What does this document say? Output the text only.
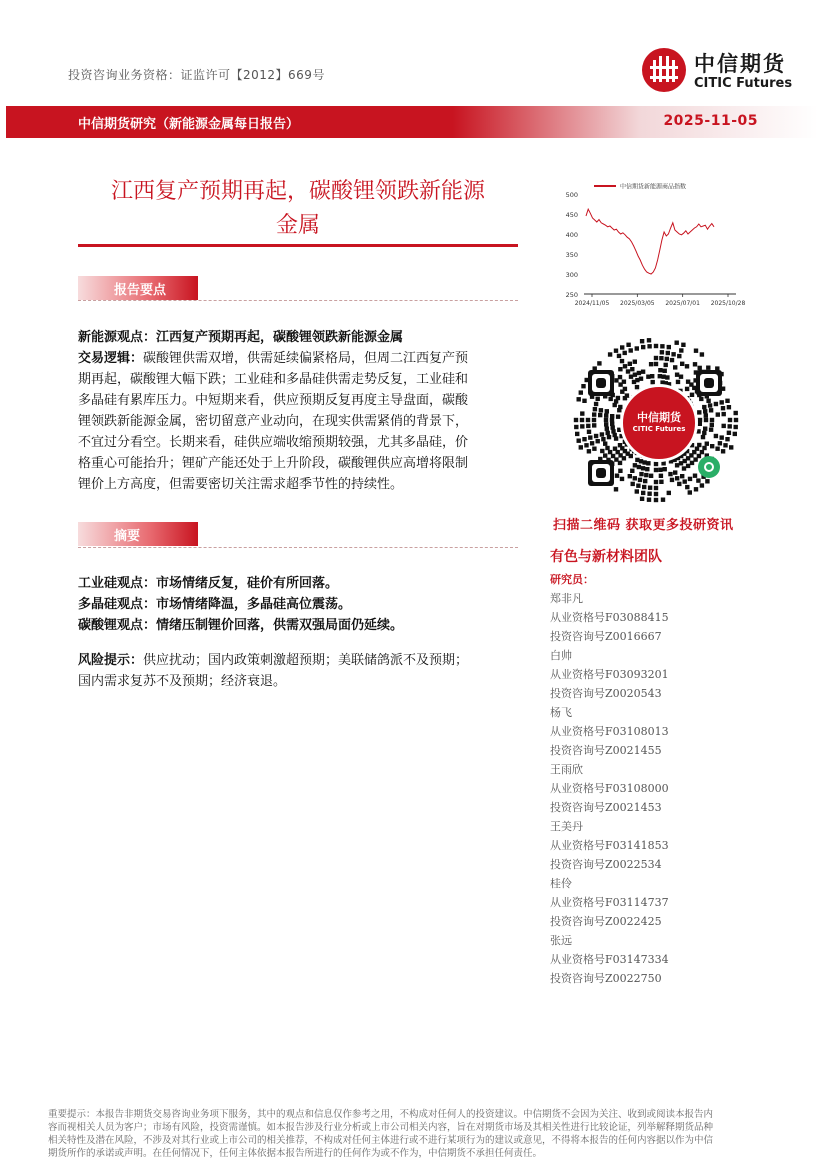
投资咨询业务资格：证监许可【2012】669号	中信期货
CITIC Futures
中信期货研究（新能源金属每日报告）	2025-11-05
江西复产预期再起，碳酸锂领跌新能源
金属
报告要点
新能源观点：江西复产预期再起，碳酸锂领跌新能源金属
交易逻辑：碳酸锂供需双增，供需延续偏紧格局，但周二江西复产预
期再起，碳酸锂大幅下跌；工业硅和多晶硅供需走势反复，工业硅和
多晶硅有累库压力。中短期来看，供应预期反复再度主导盘面，碳酸
锂领跌新能源金属，密切留意产业动向，在现实供需紧俏的背景下，
不宜过分看空。长期来看，硅供应端收缩预期较强，尤其多晶硅，价
格重心可能抬升；锂矿产能还处于上升阶段，碳酸锂供应高增将限制
锂价上方高度，但需要密切关注需求超季节性的持续性。
摘要
工业硅观点：市场情绪反复，硅价有所回落。
多晶硅观点：市场情绪降温，多晶硅高位震荡。
碳酸锂观点：情绪压制锂价回落，供需双强局面仍延续。
风险提示：供应扰动；国内政策刺激超预期；美联储鸽派不及预期；
国内需求复苏不及预期；经济衰退。
500
450
400
350
300
250
2024/11/05 2025/03/05 2025/07/01 2025/10/28
中信期货新能源商品指数
中信期货
CITIC Futures
扫描二维码 获取更多投研资讯
有色与新材料团队
研究员：
郑非凡
从业资格号F03088415
投资咨询号Z0016667
白帅
从业资格号F03093201
投资咨询号Z0020543
杨飞
从业资格号F03108013
投资咨询号Z0021455
王雨欣
从业资格号F03108000
投资咨询号Z0021453
王美丹
从业资格号F03141853
投资咨询号Z0022534
桂伶
从业资格号F03114737
投资咨询号Z0022425
张远
从业资格号F03147334
投资咨询号Z0022750
重要提示：本报告非期货交易咨询业务项下服务，其中的观点和信息仅作参考之用，不构成对任何人的投资建议。中信期货不会因为关注、收到或阅读本报告内
容而视相关人员为客户；市场有风险，投资需谨慎。如本报告涉及行业分析或上市公司相关内容，旨在对期货市场及其相关性进行比较论证，列举解释期货品种
相关特性及潜在风险，不涉及对其行业或上市公司的相关推荐，不构成对任何主体进行或不进行某项行为的建议或意见，不得将本报告的任何内容据以作为中信
期货所作的承诺或声明。在任何情况下，任何主体依据本报告所进行的任何作为或不作为，中信期货不承担任何责任。
